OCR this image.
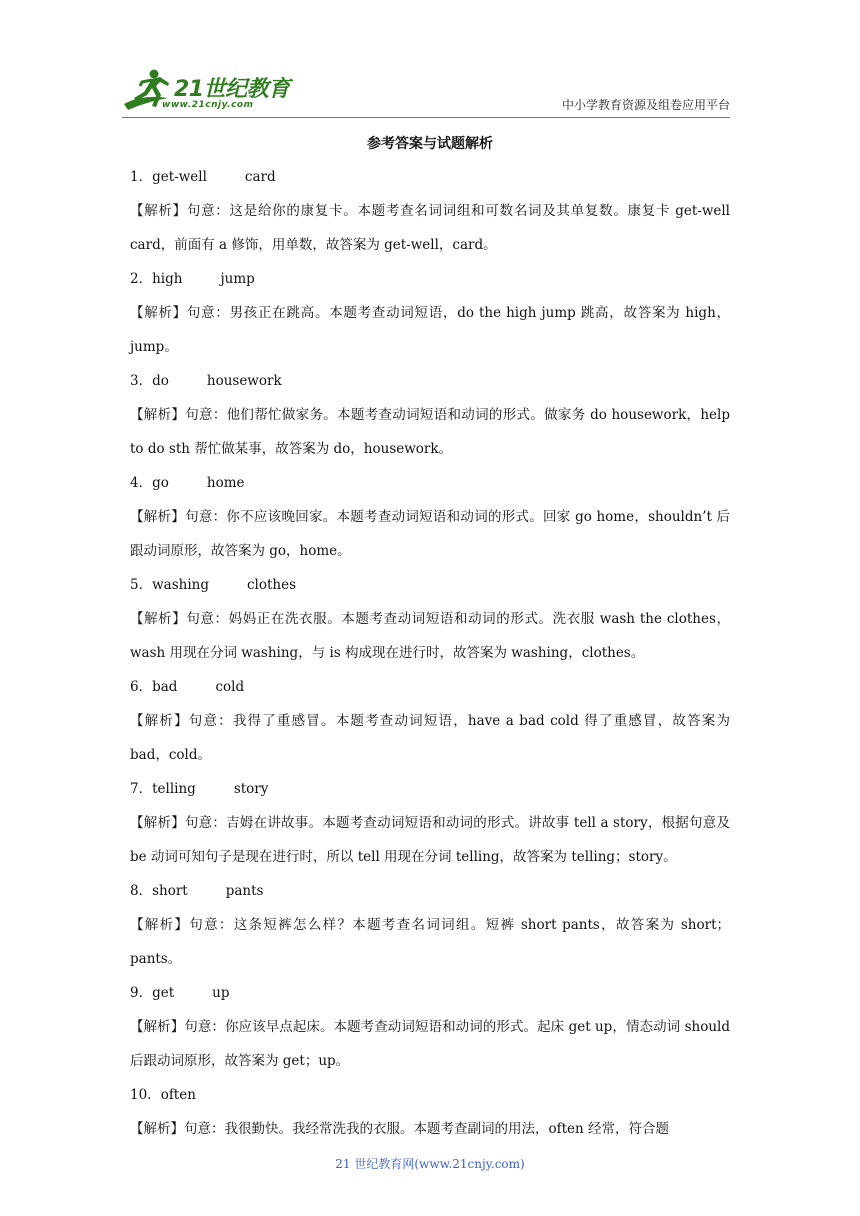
21世纪教育
www.21cnjy.com	中小学教育资源及组卷应用平台
参考答案与试题解析
1．get-well	card
【解析】句意：这是给你的康复卡。本题考查名词词组和可数名词及其单复数。康复卡 get-well card，前面有 a 修饰，用单数，故答案为 get-well，card。
2．high	jump
【解析】句意：男孩正在跳高。本题考查动词短语，do the high jump 跳高，故答案为 high，jump。
3．do	housework
【解析】句意：他们帮忙做家务。本题考查动词短语和动词的形式。做家务 do housework，help to do sth 帮忙做某事，故答案为 do，housework。
4．go	home
【解析】句意：你不应该晚回家。本题考查动词短语和动词的形式。回家 go home，shouldn’t 后跟动词原形，故答案为 go，home。
5．washing	clothes
【解析】句意：妈妈正在洗衣服。本题考查动词短语和动词的形式。洗衣服 wash the clothes，wash 用现在分词 washing，与 is 构成现在进行时，故答案为 washing，clothes。
6．bad	cold
【解析】句意：我得了重感冒。本题考查动词短语，have a bad cold 得了重感冒，故答案为 bad，cold。
7．telling	story
【解析】句意：吉姆在讲故事。本题考查动词短语和动词的形式。讲故事 tell a story，根据句意及 be 动词可知句子是现在进行时，所以 tell 用现在分词 telling，故答案为 telling；story。
8．short	pants
【解析】句意：这条短裤怎么样？本题考查名词词组。短裤 short pants，故答案为 short；pants。
9．get	up
【解析】句意：你应该早点起床。本题考查动词短语和动词的形式。起床 get up，情态动词 should 后跟动词原形，故答案为 get；up。
10．often
【解析】句意：我很勤快。我经常洗我的衣服。本题考查副词的用法，often 经常，符合题
21 世纪教育网(www.21cnjy.com)
